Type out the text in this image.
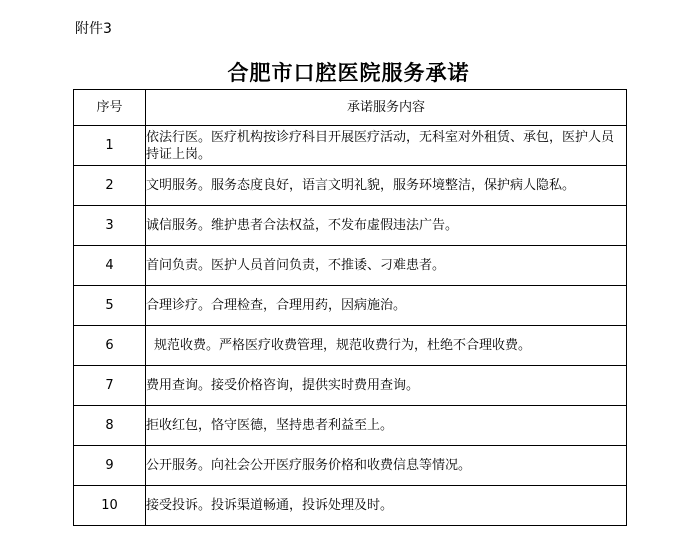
附件3
合肥市口腔医院服务承诺
序号	承诺服务内容
1	依法行医。医疗机构按诊疗科目开展医疗活动，无科室对外租赁、承包，医护人员持证上岗。
2	文明服务。服务态度良好，语言文明礼貌，服务环境整洁，保护病人隐私。
3	诚信服务。维护患者合法权益，不发布虚假违法广告。
4	首问负责。医护人员首问负责，不推诿、刁难患者。
5	合理诊疗。合理检查，合理用药，因病施治。
6	规范收费。严格医疗收费管理，规范收费行为，杜绝不合理收费。
7	费用查询。接受价格咨询，提供实时费用查询。
8	拒收红包，恪守医德，坚持患者利益至上。
9	公开服务。向社会公开医疗服务价格和收费信息等情况。
10	接受投诉。投诉渠道畅通，投诉处理及时。
